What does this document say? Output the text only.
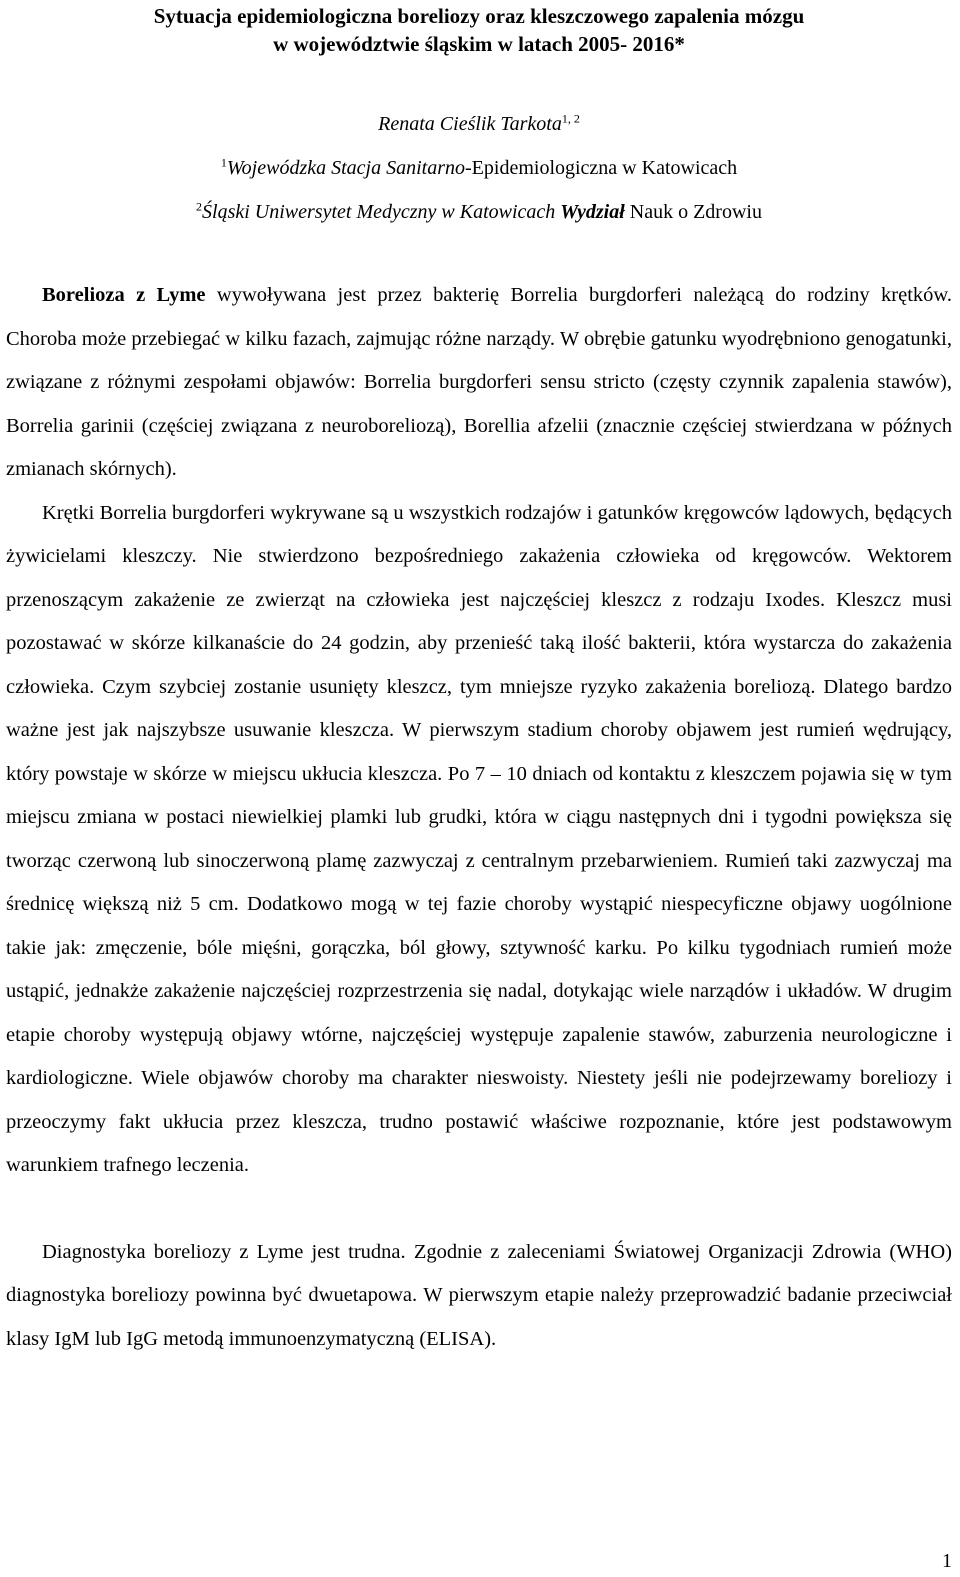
Sytuacja epidemiologiczna boreliozy oraz kleszczowego zapalenia mózgu
w województwie śląskim w latach 2005- 2016*
Renata Cieślik Tarkota$^{1, 2}$
$^1$Wojewódzka Stacja Sanitarno-Epidemiologiczna w Katowicach
$^2$Śląski Uniwersytet Medyczny w Katowicach Wydział Nauk o Zdrowiu

Borelioza z Lyme wywoływana jest przez bakterię Borrelia burgdorferi należącą do rodziny krętków. Choroba może przebiegać w kilku fazach, zajmując różne narządy. W obrębie gatunku wyodrębniono genogatunki, związane z różnymi zespołami objawów: Borrelia burgdorferi sensu stricto (częsty czynnik zapalenia stawów), Borrelia garinii (częściej związana z neuroboreliozą), Borellia afzelii (znacznie częściej stwierdzana w późnych zmianach skórnych).

Krętki Borrelia burgdorferi wykrywane są u wszystkich rodzajów i gatunków kręgowców lądowych, będących żywicielami kleszczy. Nie stwierdzono bezpośredniego zakażenia człowieka od kręgowców. Wektorem przenoszącym zakażenie ze zwierząt na człowieka jest najczęściej kleszcz z rodzaju Ixodes. Kleszcz musi pozostawać w skórze kilkanaście do 24 godzin, aby przenieść taką ilość bakterii, która wystarcza do zakażenia człowieka. Czym szybciej zostanie usunięty kleszcz, tym mniejsze ryzyko zakażenia boreliozą. Dlatego bardzo ważne jest jak najszybsze usuwanie kleszcza. W pierwszym stadium choroby objawem jest rumień wędrujący, który powstaje w skórze w miejscu ukłucia kleszcza. Po 7 – 10 dniach od kontaktu z kleszczem pojawia się w tym miejscu zmiana w postaci niewielkiej plamki lub grudki, która w ciągu następnych dni i tygodni powiększa się tworząc czerwoną lub sinoczerwoną plamę zazwyczaj z centralnym przebarwieniem. Rumień taki zazwyczaj ma średnicę większą niż 5 cm. Dodatkowo mogą w tej fazie choroby wystąpić niespecyficzne objawy uogólnione takie jak: zmęczenie, bóle mięśni, gorączka, ból głowy, sztywność karku. Po kilku tygodniach rumień może ustąpić, jednakże zakażenie najczęściej rozprzestrzenia się nadal, dotykając wiele narządów i układów. W drugim etapie choroby występują objawy wtórne, najczęściej występuje zapalenie stawów, zaburzenia neurologiczne i kardiologiczne. Wiele objawów choroby ma charakter nieswoisty. Niestety jeśli nie podejrzewamy boreliozy i przeoczymy fakt ukłucia przez kleszcza, trudno postawić właściwe rozpoznanie, które jest podstawowym warunkiem trafnego leczenia.

Diagnostyka boreliozy z Lyme jest trudna. Zgodnie z zaleceniami Światowej Organizacji Zdrowia (WHO) diagnostyka boreliozy powinna być dwuetapowa. W pierwszym etapie należy przeprowadzić badanie przeciwciał klasy IgM lub IgG metodą immunoenzymatyczną (ELISA).

1
